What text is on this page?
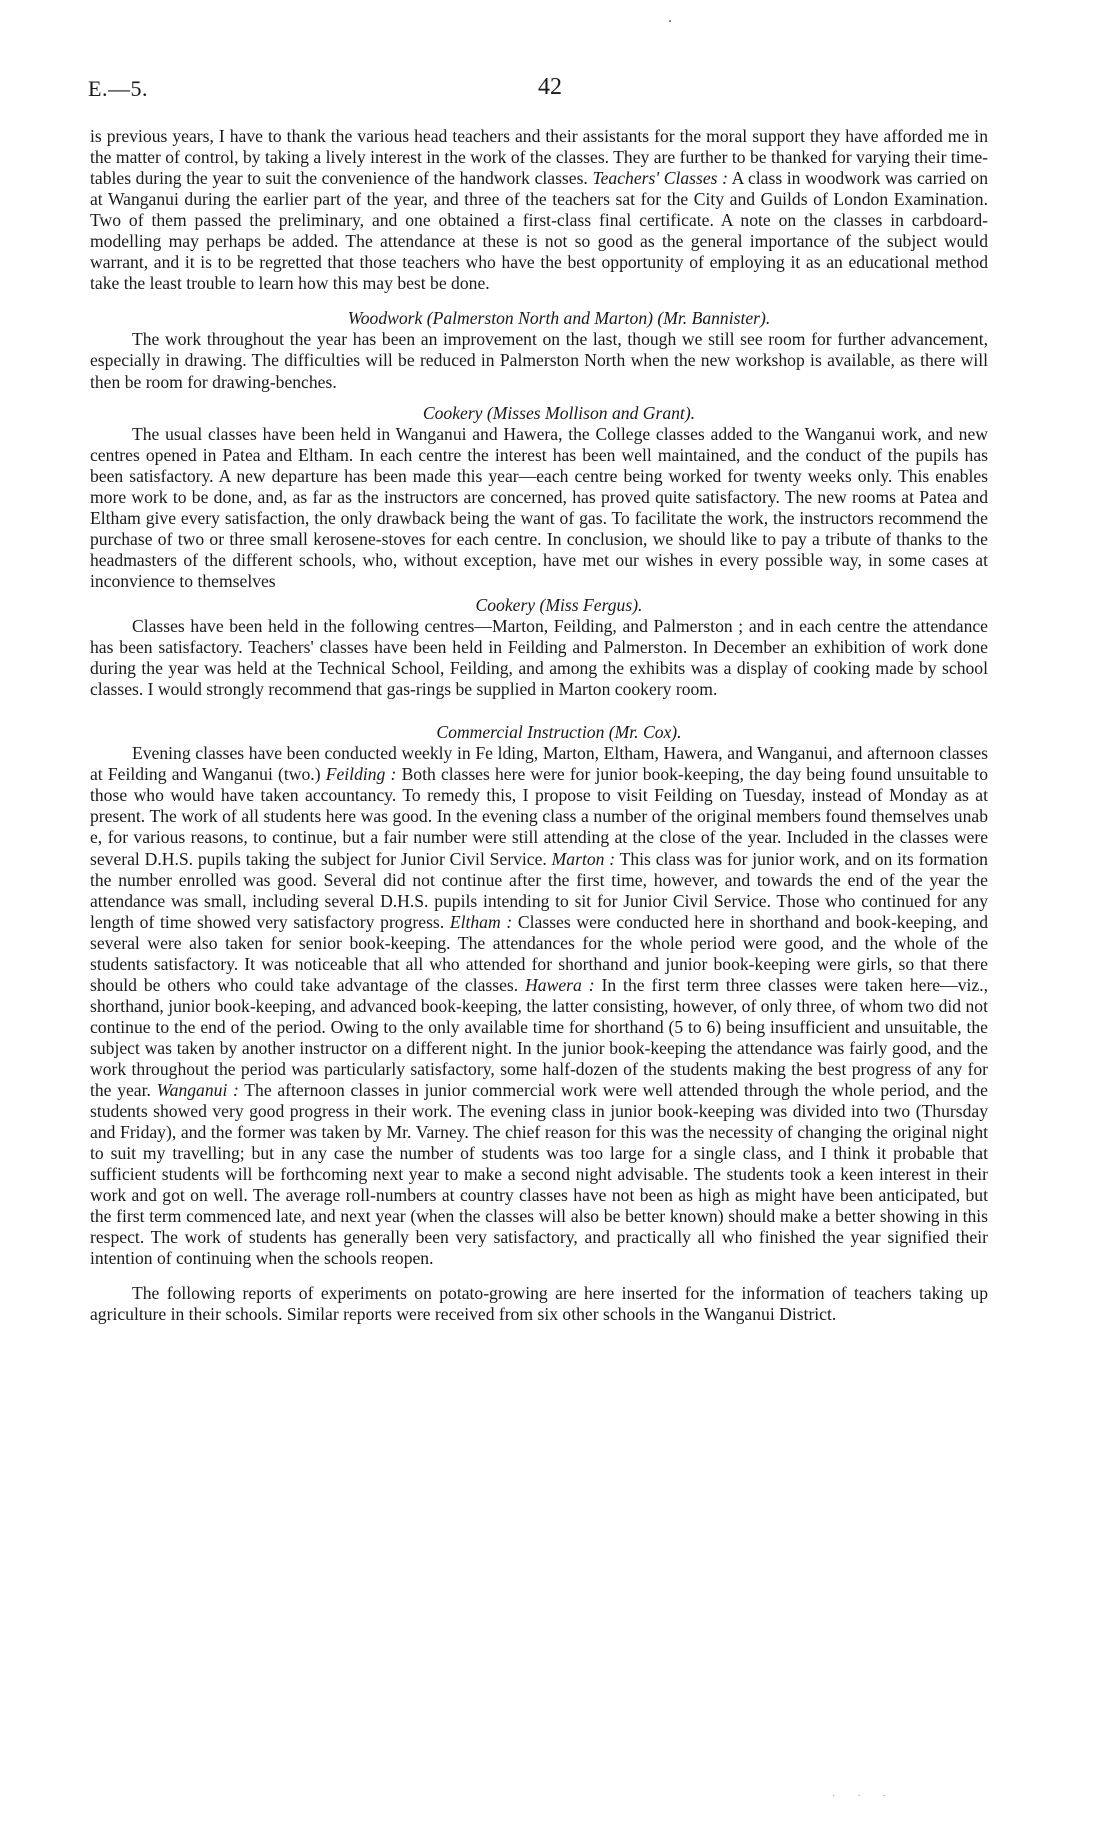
E.—5.	42

is previous years, I have to thank the various head teachers and their assistants for the moral support they have afforded me in the matter of control, by taking a lively interest in the work of the classes. They are further to be thanked for varying their time-tables during the year to suit the convenience of the handwork classes. Teachers' Classes : A class in woodwork was carried on at Wanganui during the earlier part of the year, and three of the teachers sat for the City and Guilds of London Examination. Two of them passed the preliminary, and one obtained a first-class final certificate. A note on the classes in carbdoard-modelling may perhaps be added. The attendance at these is not so good as the general importance of the subject would warrant, and it is to be regretted that those teachers who have the best opportunity of employing it as an educational method take the least trouble to learn how this may best be done.

Woodwork (Palmerston North and Marton) (Mr. Bannister).

The work throughout the year has been an improvement on the last, though we still see room for further advancement, especially in drawing. The difficulties will be reduced in Palmerston North when the new workshop is available, as there will then be room for drawing-benches.

Cookery (Misses Mollison and Grant).

The usual classes have been held in Wanganui and Hawera, the College classes added to the Wanganui work, and new centres opened in Patea and Eltham. In each centre the interest has been well maintained, and the conduct of the pupils has been satisfactory. A new departure has been made this year—each centre being worked for twenty weeks only. This enables more work to be done, and, as far as the instructors are concerned, has proved quite satisfactory. The new rooms at Patea and Eltham give every satisfaction, the only drawback being the want of gas. To facilitate the work, the instructors recommend the purchase of two or three small kerosene-stoves for each centre. In conclusion, we should like to pay a tribute of thanks to the headmasters of the different schools, who, without exception, have met our wishes in every possible way, in some cases at inconvience to themselves

Cookery (Miss Fergus).

Classes have been held in the following centres—Marton, Feilding, and Palmerston ; and in each centre the attendance has been satisfactory. Teachers' classes have been held in Feilding and Palmerston. In December an exhibition of work done during the year was held at the Technical School, Feilding, and among the exhibits was a display of cooking made by school classes. I would strongly recommend that gas-rings be supplied in Marton cookery room.

Commercial Instruction (Mr. Cox).

Evening classes have been conducted weekly in Fe lding, Marton, Eltham, Hawera, and Wanganui, and afternoon classes at Feilding and Wanganui (two.) Feilding : Both classes here were for junior book-keeping, the day being found unsuitable to those who would have taken accountancy. To remedy this, I propose to visit Feilding on Tuesday, instead of Monday as at present. The work of all students here was good. In the evening class a number of the original members found themselves unab e, for various reasons, to continue, but a fair number were still attending at the close of the year. Included in the classes were several D.H.S. pupils taking the subject for Junior Civil Service. Marton : This class was for junior work, and on its formation the number enrolled was good. Several did not continue after the first time, however, and towards the end of the year the attendance was small, including several D.H.S. pupils intending to sit for Junior Civil Service. Those who continued for any length of time showed very satisfactory progress. Eltham : Classes were conducted here in shorthand and book-keeping, and several were also taken for senior book-keeping. The attendances for the whole period were good, and the whole of the students satisfactory. It was noticeable that all who attended for shorthand and junior book-keeping were girls, so that there should be others who could take advantage of the classes. Hawera : In the first term three classes were taken here—viz., shorthand, junior book-keeping, and advanced book-keeping, the latter consisting, however, of only three, of whom two did not continue to the end of the period. Owing to the only available time for shorthand (5 to 6) being insufficient and unsuitable, the subject was taken by another instructor on a different night. In the junior book-keeping the attendance was fairly good, and the work throughout the period was particularly satisfactory, some half-dozen of the students making the best progress of any for the year. Wanganui : The afternoon classes in junior commercial work were well attended through the whole period, and the students showed very good progress in their work. The evening class in junior book-keeping was divided into two (Thursday and Friday), and the former was taken by Mr. Varney. The chief reason for this was the necessity of changing the original night to suit my travelling; but in any case the number of students was too large for a single class, and I think it probable that sufficient students will be forthcoming next year to make a second night advisable. The students took a keen interest in their work and got on well. The average roll-numbers at country classes have not been as high as might have been anticipated, but the first term commenced late, and next year (when the classes will also be better known) should make a better showing in this respect. The work of students has generally been very satisfactory, and practically all who finished the year signified their intention of continuing when the schools reopen.

The following reports of experiments on potato-growing are here inserted for the information of teachers taking up agriculture in their schools. Similar reports were received from six other schools in the Wanganui District.

· · ·
